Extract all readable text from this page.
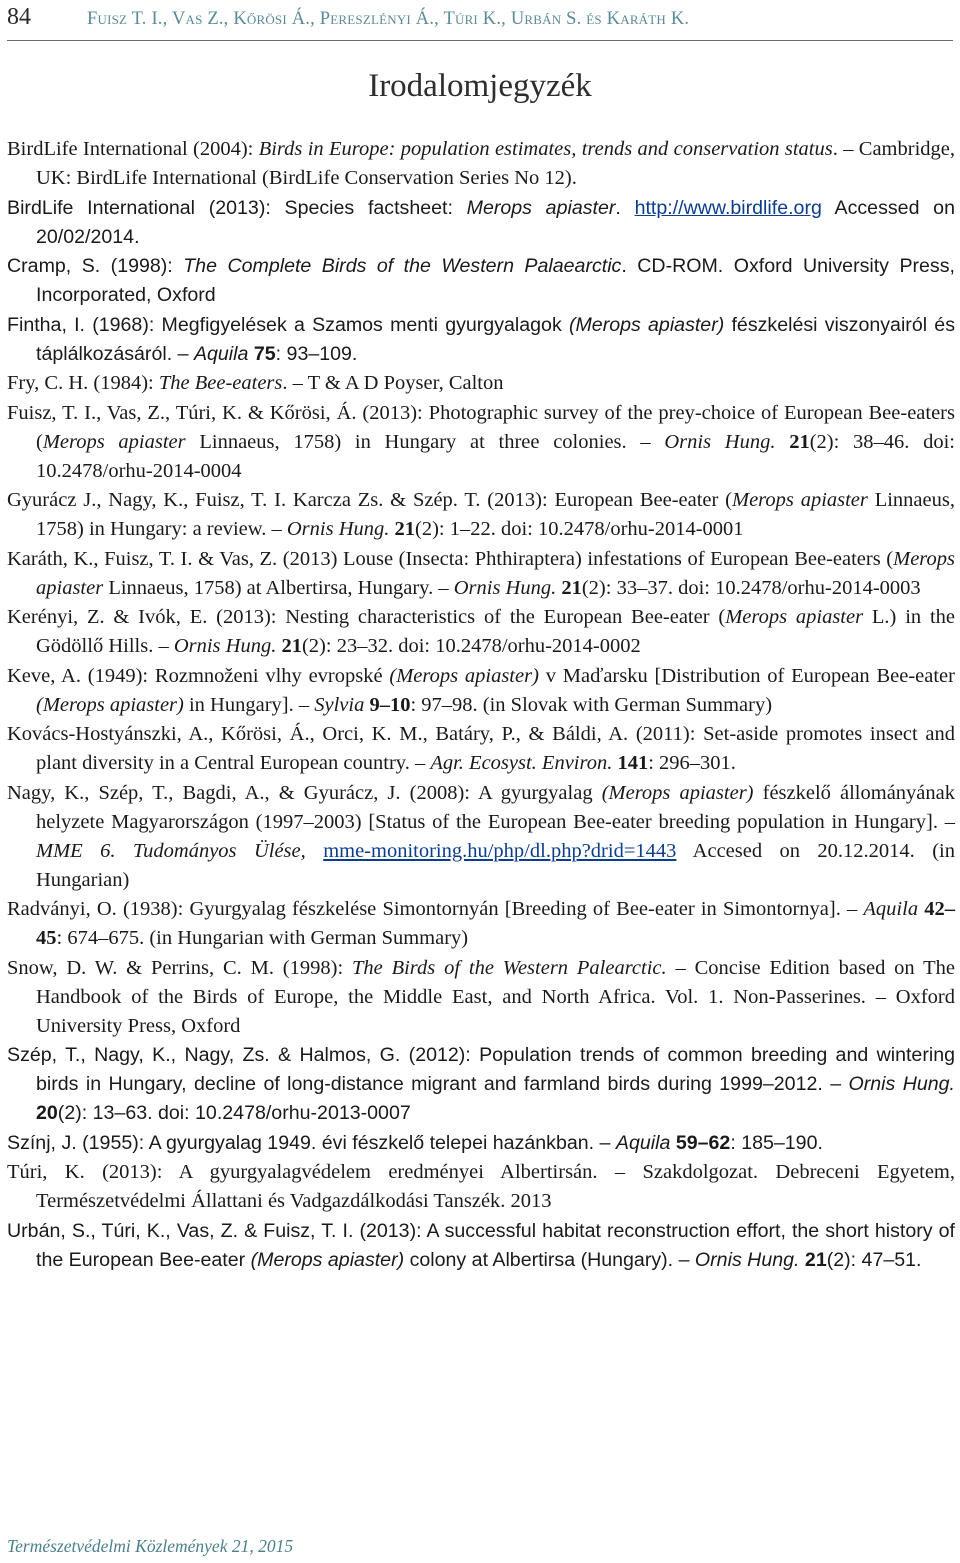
84	Fuisz T. I., Vas Z., Kőrösi Á., Pereszlényi Á., Túri K., Urbán S. és Karáth K.
Irodalomjegyzék

BirdLife International (2004): Birds in Europe: population estimates, trends and conservation status. – Cambridge, UK: BirdLife International (BirdLife Conservation Series No 12).

BirdLife International (2013): Species factsheet: Merops apiaster. http://www.birdlife.org Accessed on 20/02/2014.

Cramp, S. (1998): The Complete Birds of the Western Palaearctic. CD-ROM. Oxford University Press, Incorporated, Oxford

Fintha, I. (1968): Megfigyelések a Szamos menti gyurgyalagok (Merops apiaster) fészkelési viszonyairól és táplálkozásáról. – Aquila 75: 93–109.

Fry, C. H. (1984): The Bee-eaters. – T & A D Poyser, Calton

Fuisz, T. I., Vas, Z., Túri, K. & Kőrösi, Á. (2013): Photographic survey of the prey-choice of European Bee-eaters (Merops apiaster Linnaeus, 1758) in Hungary at three colonies. – Ornis Hung. 21(2): 38–46. doi: 10.2478/orhu-2014-0004

Gyurácz J., Nagy, K., Fuisz, T. I. Karcza Zs. & Szép. T. (2013): European Bee-eater (Merops apiaster Linnaeus, 1758) in Hungary: a review. – Ornis Hung. 21(2): 1–22. doi: 10.2478/orhu-2014-0001

Karáth, K., Fuisz, T. I. & Vas, Z. (2013) Louse (Insecta: Phthiraptera) infestations of European Bee-eaters (Merops apiaster Linnaeus, 1758) at Albertirsa, Hungary. – Ornis Hung. 21(2): 33–37. doi: 10.2478/orhu-2014-0003

Kerényi, Z. & Ivók, E. (2013): Nesting characteristics of the European Bee-eater (Merops apiaster L.) in the Gödöllő Hills. – Ornis Hung. 21(2): 23–32. doi: 10.2478/orhu-2014-0002

Keve, A. (1949): Rozmnoženi vlhy evropské (Merops apiaster) v Maďarsku [Distribution of European Bee-eater (Merops apiaster) in Hungary]. – Sylvia 9–10: 97–98. (in Slovak with German Summary)

Kovács-Hostyánszki, A., Kőrösi, Á., Orci, K. M., Batáry, P., & Báldi, A. (2011): Set-aside promotes insect and plant diversity in a Central European country. – Agr. Ecosyst. Environ. 141: 296–301.

Nagy, K., Szép, T., Bagdi, A., & Gyurácz, J. (2008): A gyurgyalag (Merops apiaster) fészkelő állományának helyzete Magyarországon (1997–2003) [Status of the European Bee-eater breeding population in Hungary]. – MME 6. Tudományos Ülése, mme-monitoring.hu/php/dl.php?drid=1443 Accesed on 20.12.2014. (in Hungarian)

Radványi, O. (1938): Gyurgyalag fészkelése Simontornyán [Breeding of Bee-eater in Simontornya]. – Aquila 42–45: 674–675. (in Hungarian with German Summary)

Snow, D. W. & Perrins, C. M. (1998): The Birds of the Western Palearctic. – Concise Edition based on The Handbook of the Birds of Europe, the Middle East, and North Africa. Vol. 1. Non-Passerines. – Oxford University Press, Oxford

Szép, T., Nagy, K., Nagy, Zs. & Halmos, G. (2012): Population trends of common breeding and wintering birds in Hungary, decline of long-distance migrant and farmland birds during 1999–2012. – Ornis Hung. 20(2): 13–63. doi: 10.2478/orhu-2013-0007

Színj, J. (1955): A gyurgyalag 1949. évi fészkelő telepei hazánkban. – Aquila 59–62: 185–190.

Túri, K. (2013): A gyurgyalagvédelem eredményei Albertirsán. – Szakdolgozat. Debreceni Egyetem, Természetvédelmi Állattani és Vadgazdálkodási Tanszék. 2013

Urbán, S., Túri, K., Vas, Z. & Fuisz, T. I. (2013): A successful habitat reconstruction effort, the short history of the European Bee-eater (Merops apiaster) colony at Albertirsa (Hungary). – Ornis Hung. 21(2): 47–51.

Természetvédelmi Közlemények 21, 2015
